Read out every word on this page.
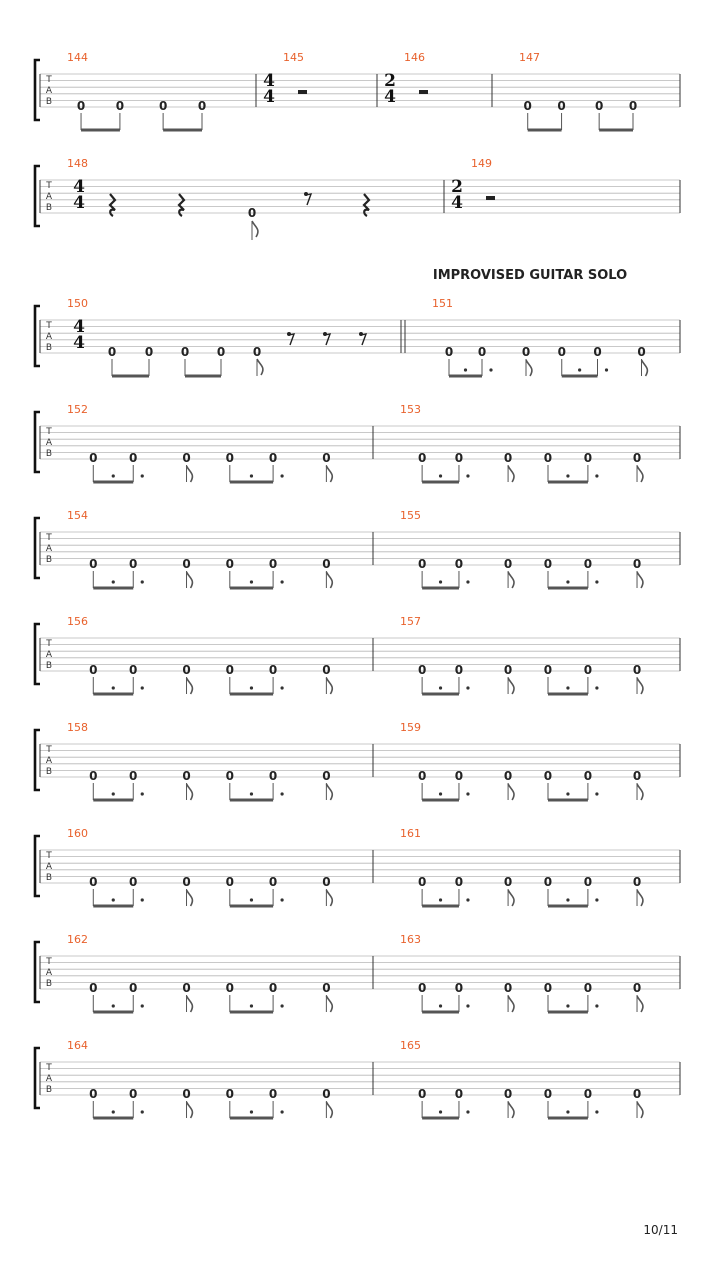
IMPROVISED GUITAR SOLO
10/11
T
A
B
144
0	0	0	0
145
4
4
146
2
4
147
0 0 0 0
T
A
B
148
4
4	0
149
2
4
T
A
B
150
4
4 0 0 0 0 0
151
0 0	0 0 0	0
T
A
B
152
0	0	0	0	0	0
153
0 0	0	0	0	0
T
A
B
154
0	0	0	0	0	0
155
0 0	0	0	0	0
T
A
B
156
0	0	0	0	0	0
157
0 0	0	0	0	0
T
A
B
158
0	0	0	0	0	0
159
0 0	0	0	0	0
T
A
B
160
0	0	0	0	0	0
161
0 0	0	0	0	0
T
A
B
162
0	0	0	0	0	0
163
0 0	0	0	0	0
T
A
B
164
0	0	0	0	0	0
165
0 0	0	0	0	0
